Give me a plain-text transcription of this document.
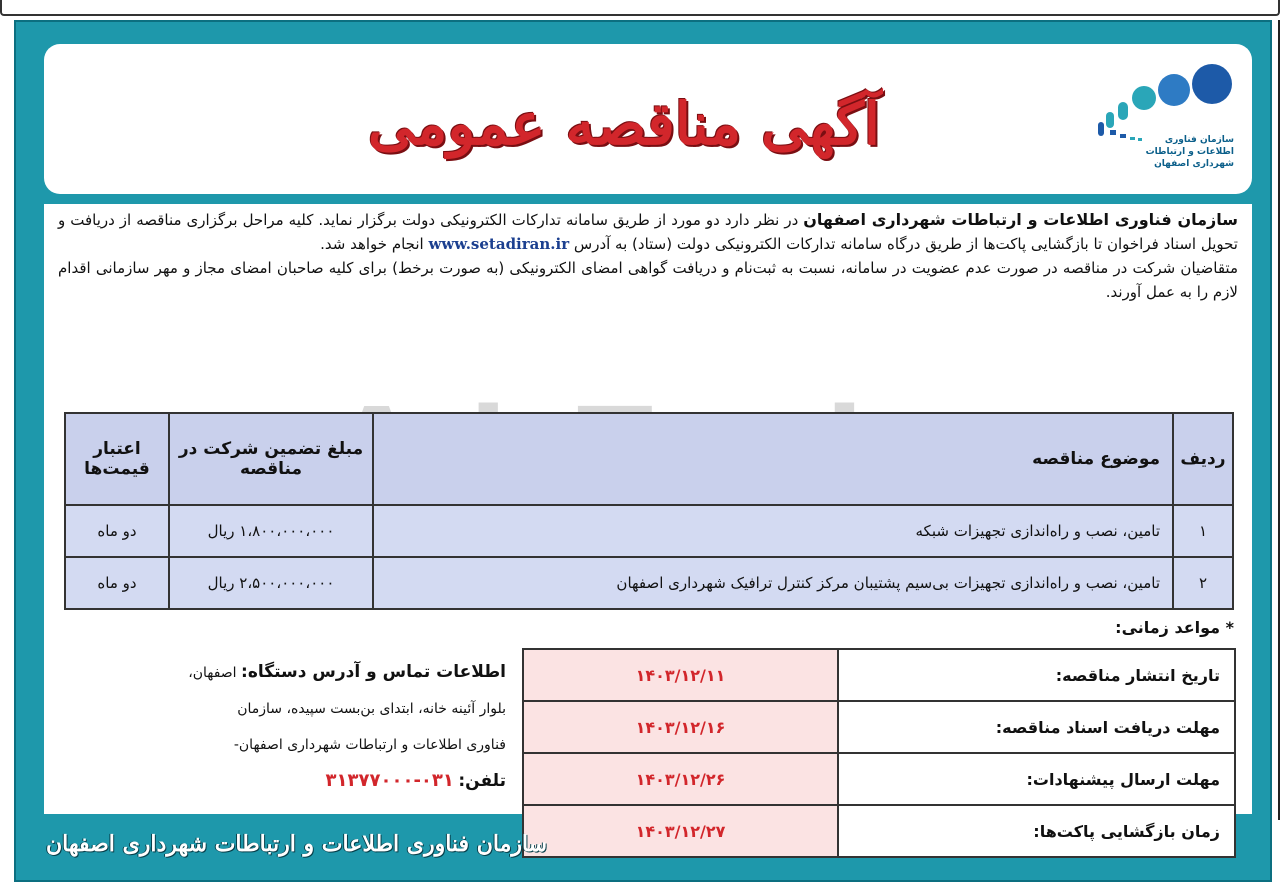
آگهی مناقصه عمومی	سازمان فناوری
اطلاعات و ارتباطات
شهرداری اصفهان
سازمان فناوری اطلاعات و ارتباطات شهرداری اصفهان در نظر دارد دو مورد از طریق سامانه تدارکات الکترونیکی دولت برگزار نماید. کلیه مراحل برگزاری مناقصه از دریافت و تحویل اسناد فراخوان تا بازگشایی پاکت‌ها از طریق درگاه سامانه تدارکات الکترونیکی دولت (ستاد) به آدرس www.setadiran.ir انجام خواهد شد.
متقاضیان شرکت در مناقصه در صورت عدم عضویت در سامانه، نسبت به ثبت‌نام و دریافت گواهی امضای الکترونیکی (به صورت برخط) برای کلیه صاحبان امضای مجاز و مهر سازمانی اقدام لازم را به عمل آورند.
ردیف	موضوع مناقصه	مبلغ تضمین شرکت در مناقصه	اعتبار قیمت‌ها
۱	تامین، نصب و راه‌اندازی تجهیزات شبکه	۱،۸۰۰،۰۰۰،۰۰۰ ریال	دو ماه
۲	تامین، نصب و راه‌اندازی تجهیزات بی‌سیم پشتیبان مرکز کنترل ترافیک شهرداری اصفهان	۲،۵۰۰،۰۰۰،۰۰۰ ریال	دو ماه
* مواعد زمانی:
تاریخ انتشار مناقصه:	۱۴۰۳/۱۲/۱۱
مهلت دریافت اسناد مناقصه:	۱۴۰۳/۱۲/۱۶
مهلت ارسال پیشنهادات:	۱۴۰۳/۱۲/۲۶
زمان بازگشایی پاکت‌ها:	۱۴۰۳/۱۲/۲۷
اطلاعات تماس و آدرس دستگاه: اصفهان،
بلوار آئینه خانه، ابتدای بن‌بست سپیده، سازمان
فناوری اطلاعات و ارتباطات شهرداری اصفهان-
تلفن: ۰۳۱-۳۱۳۷۷۰۰۰
سازمان فناوری اطلاعات و ارتباطات شهرداری اصفهان
